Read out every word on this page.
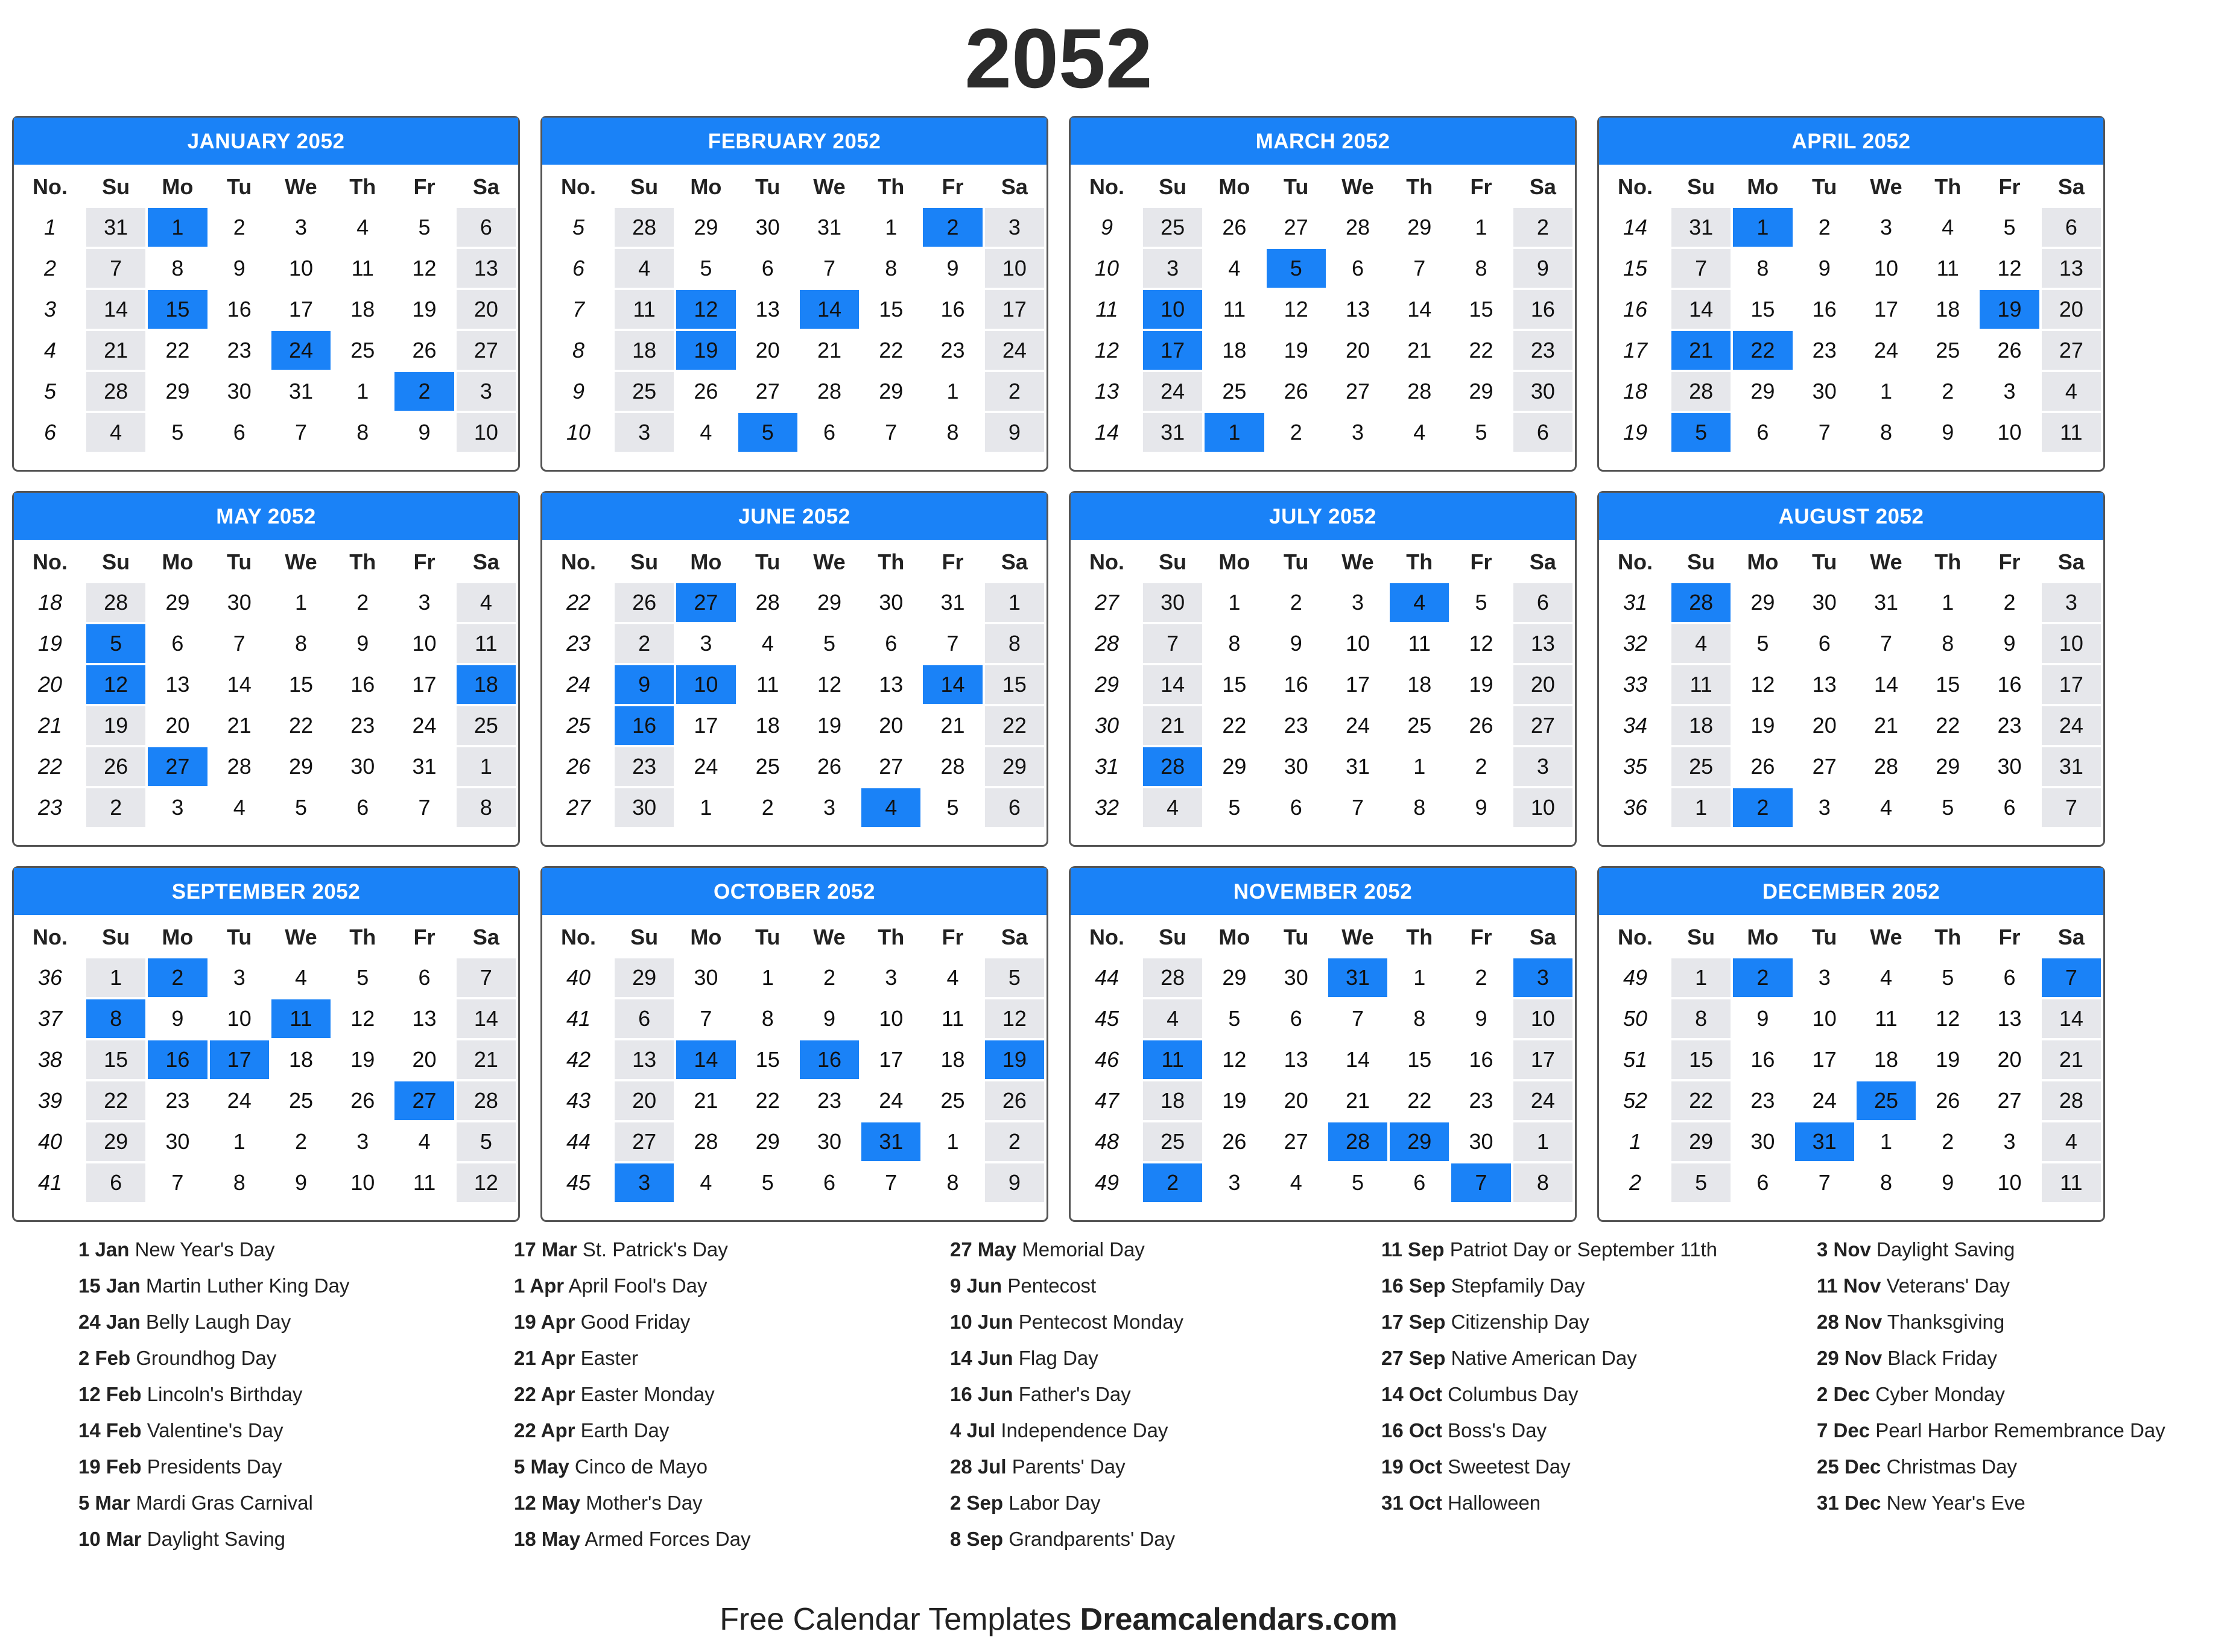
2052
JANUARY 2052
No.	Su	Mo	Tu	We	Th	Fr	Sa
1	31	1	2	3	4	5	6
2	7	8	9	10	11	12	13
3	14	15	16	17	18	19	20
4	21	22	23	24	25	26	27
5	28	29	30	31	1	2	3
6	4	5	6	7	8	9	10
FEBRUARY 2052
No.	Su	Mo	Tu	We	Th	Fr	Sa
5	28	29	30	31	1	2	3
6	4	5	6	7	8	9	10
7	11	12	13	14	15	16	17
8	18	19	20	21	22	23	24
9	25	26	27	28	29	1	2
10	3	4	5	6	7	8	9
MARCH 2052
No.	Su	Mo	Tu	We	Th	Fr	Sa
9	25	26	27	28	29	1	2
10	3	4	5	6	7	8	9
11	10	11	12	13	14	15	16
12	17	18	19	20	21	22	23
13	24	25	26	27	28	29	30
14	31	1	2	3	4	5	6
APRIL 2052
No.	Su	Mo	Tu	We	Th	Fr	Sa
14	31	1	2	3	4	5	6
15	7	8	9	10	11	12	13
16	14	15	16	17	18	19	20
17	21	22	23	24	25	26	27
18	28	29	30	1	2	3	4
19	5	6	7	8	9	10	11
MAY 2052
No.	Su	Mo	Tu	We	Th	Fr	Sa
18	28	29	30	1	2	3	4
19	5	6	7	8	9	10	11
20	12	13	14	15	16	17	18
21	19	20	21	22	23	24	25
22	26	27	28	29	30	31	1
23	2	3	4	5	6	7	8
JUNE 2052
No.	Su	Mo	Tu	We	Th	Fr	Sa
22	26	27	28	29	30	31	1
23	2	3	4	5	6	7	8
24	9	10	11	12	13	14	15
25	16	17	18	19	20	21	22
26	23	24	25	26	27	28	29
27	30	1	2	3	4	5	6
JULY 2052
No.	Su	Mo	Tu	We	Th	Fr	Sa
27	30	1	2	3	4	5	6
28	7	8	9	10	11	12	13
29	14	15	16	17	18	19	20
30	21	22	23	24	25	26	27
31	28	29	30	31	1	2	3
32	4	5	6	7	8	9	10
AUGUST 2052
No.	Su	Mo	Tu	We	Th	Fr	Sa
31	28	29	30	31	1	2	3
32	4	5	6	7	8	9	10
33	11	12	13	14	15	16	17
34	18	19	20	21	22	23	24
35	25	26	27	28	29	30	31
36	1	2	3	4	5	6	7
SEPTEMBER 2052
No.	Su	Mo	Tu	We	Th	Fr	Sa
36	1	2	3	4	5	6	7
37	8	9	10	11	12	13	14
38	15	16	17	18	19	20	21
39	22	23	24	25	26	27	28
40	29	30	1	2	3	4	5
41	6	7	8	9	10	11	12
OCTOBER 2052
No.	Su	Mo	Tu	We	Th	Fr	Sa
40	29	30	1	2	3	4	5
41	6	7	8	9	10	11	12
42	13	14	15	16	17	18	19
43	20	21	22	23	24	25	26
44	27	28	29	30	31	1	2
45	3	4	5	6	7	8	9
NOVEMBER 2052
No.	Su	Mo	Tu	We	Th	Fr	Sa
44	28	29	30	31	1	2	3
45	4	5	6	7	8	9	10
46	11	12	13	14	15	16	17
47	18	19	20	21	22	23	24
48	25	26	27	28	29	30	1
49	2	3	4	5	6	7	8
DECEMBER 2052
No.	Su	Mo	Tu	We	Th	Fr	Sa
49	1	2	3	4	5	6	7
50	8	9	10	11	12	13	14
51	15	16	17	18	19	20	21
52	22	23	24	25	26	27	28
1	29	30	31	1	2	3	4
2	5	6	7	8	9	10	11
1 Jan New Year's Day
15 Jan Martin Luther King Day
24 Jan Belly Laugh Day
2 Feb Groundhog Day
12 Feb Lincoln's Birthday
14 Feb Valentine's Day
19 Feb Presidents Day
5 Mar Mardi Gras Carnival
10 Mar Daylight Saving
17 Mar St. Patrick's Day
1 Apr April Fool's Day
19 Apr Good Friday
21 Apr Easter
22 Apr Easter Monday
22 Apr Earth Day
5 May Cinco de Mayo
12 May Mother's Day
18 May Armed Forces Day
27 May Memorial Day
9 Jun Pentecost
10 Jun Pentecost Monday
14 Jun Flag Day
16 Jun Father's Day
4 Jul Independence Day
28 Jul Parents' Day
2 Sep Labor Day
8 Sep Grandparents' Day
11 Sep Patriot Day or September 11th
16 Sep Stepfamily Day
17 Sep Citizenship Day
27 Sep Native American Day
14 Oct Columbus Day
16 Oct Boss's Day
19 Oct Sweetest Day
31 Oct Halloween
3 Nov Daylight Saving
11 Nov Veterans' Day
28 Nov Thanksgiving
29 Nov Black Friday
2 Dec Cyber Monday
7 Dec Pearl Harbor Remembrance Day
25 Dec Christmas Day
31 Dec New Year's Eve
Free Calendar Templates Dreamcalendars.com
